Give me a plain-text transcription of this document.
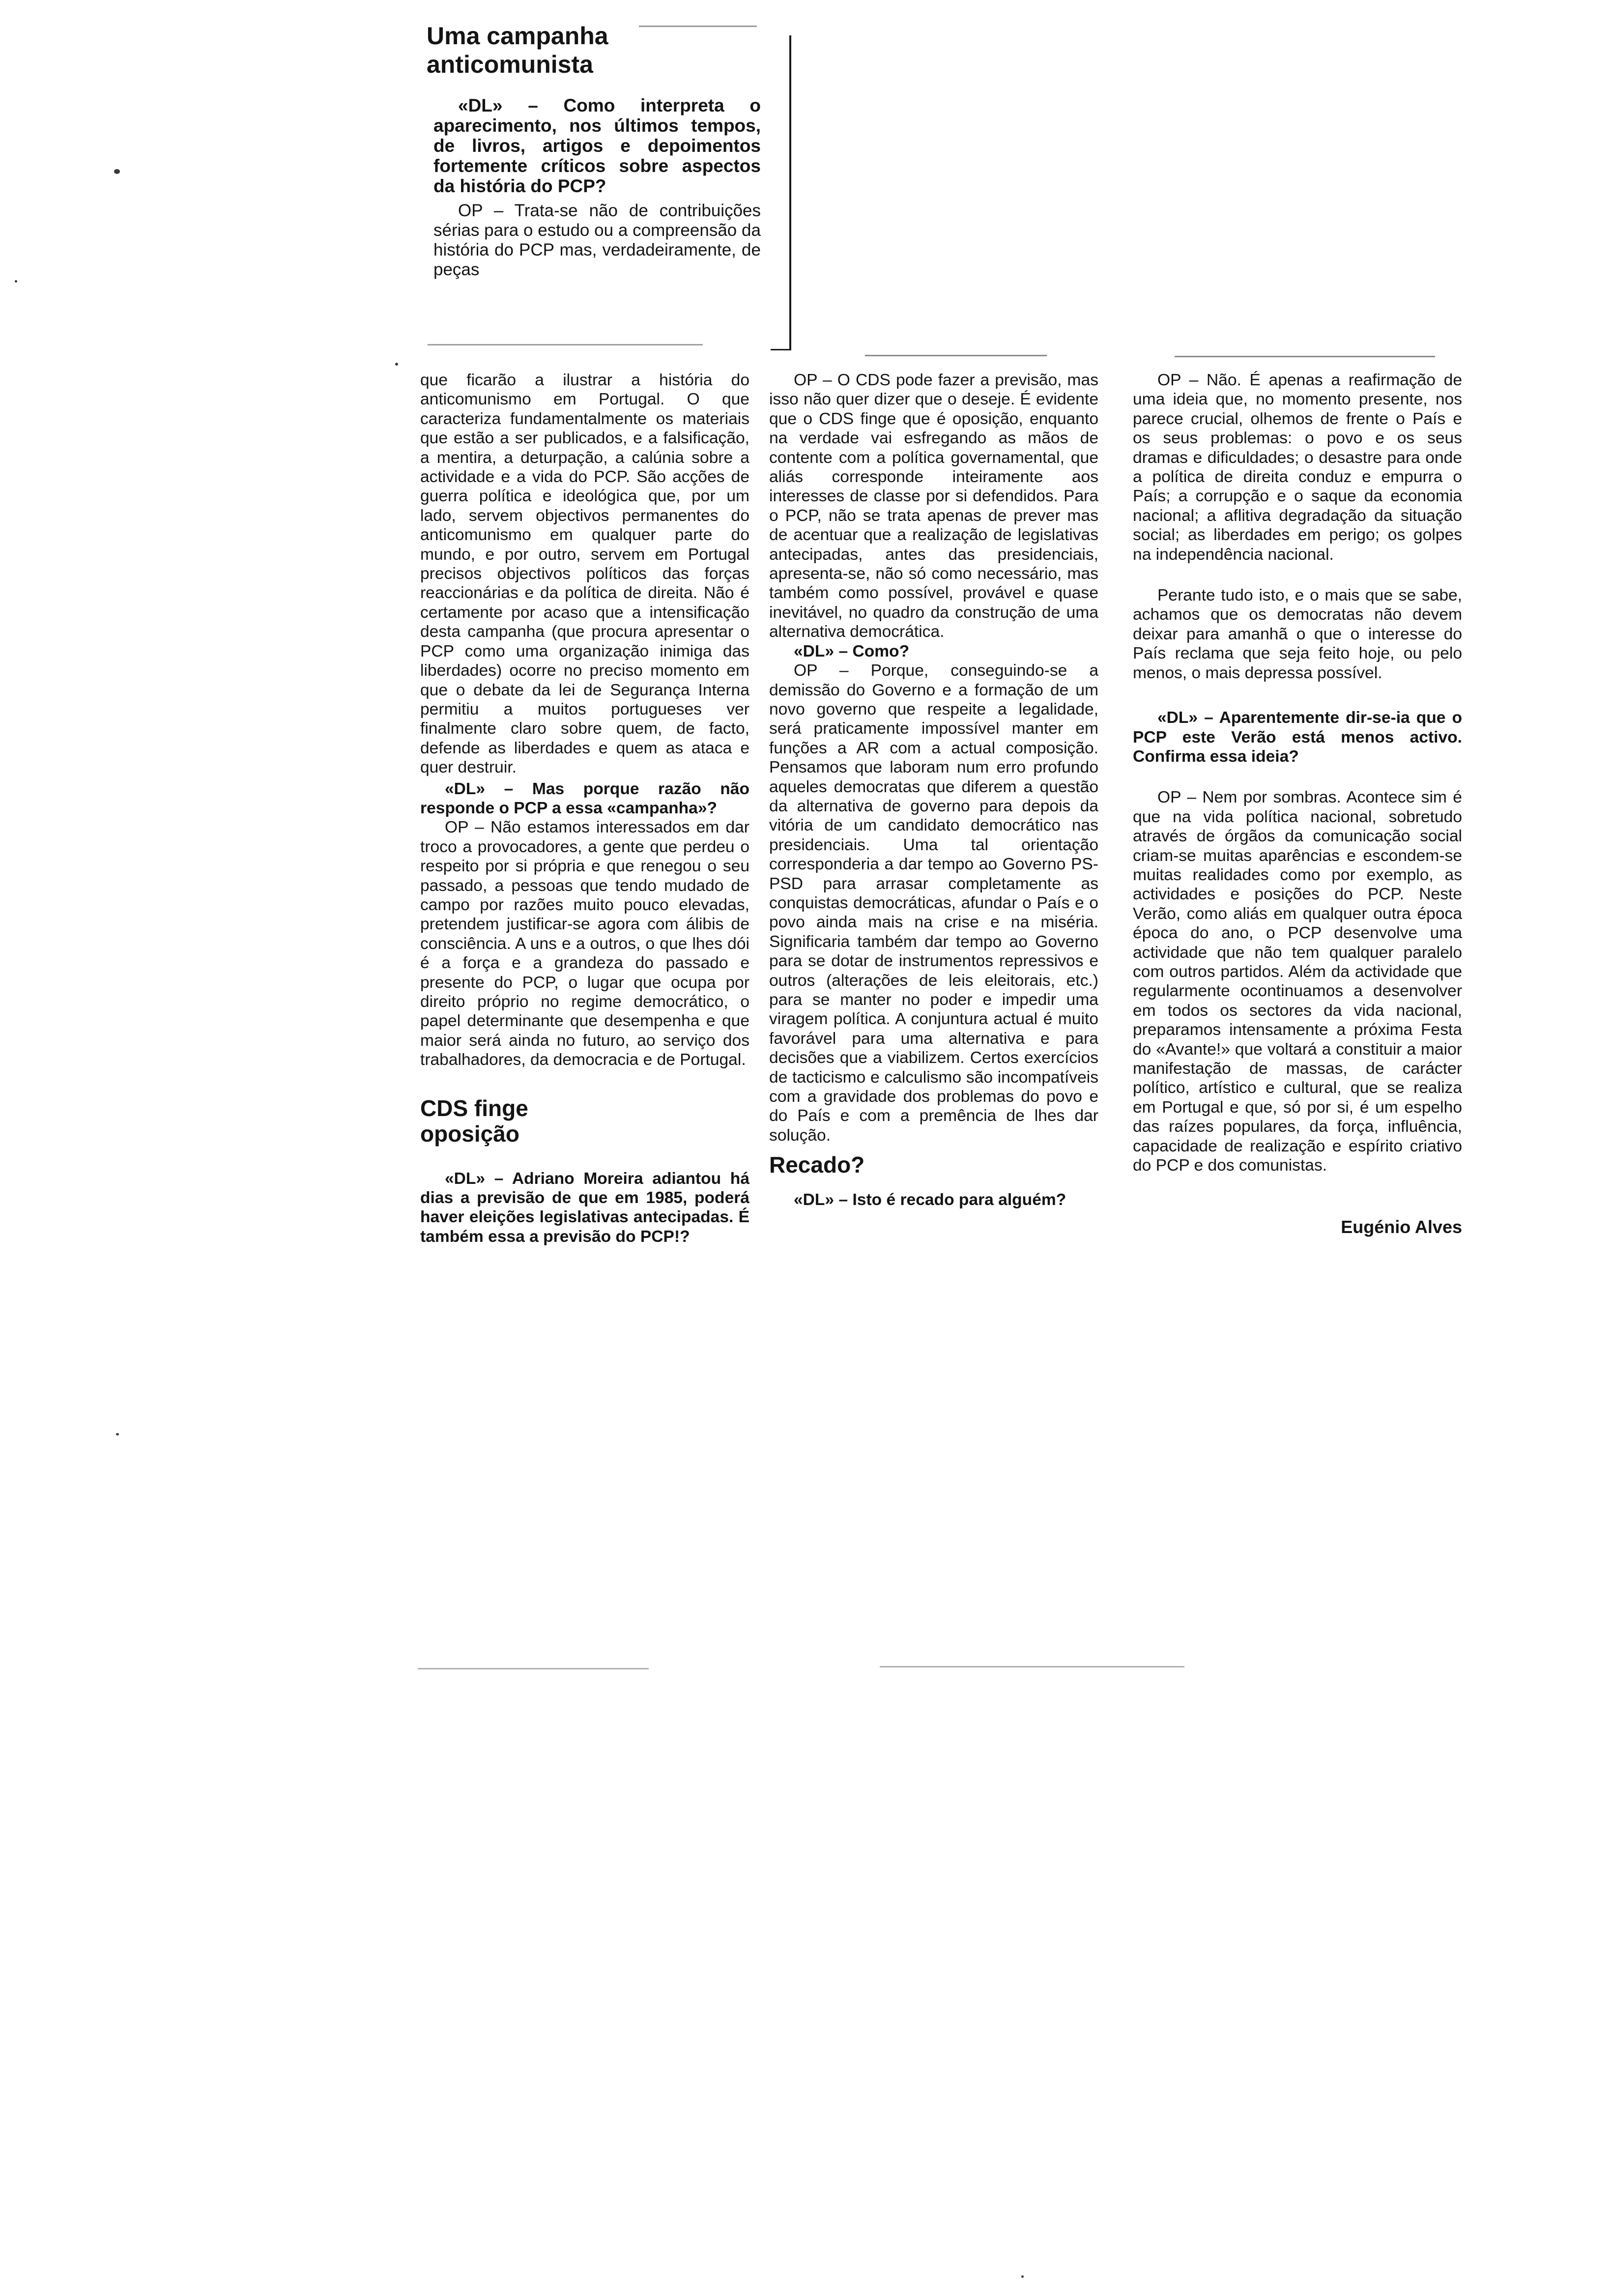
Uma campanha
anticomunista

«DL» – Como interpreta o aparecimento, nos últimos tempos, de livros, artigos e depoimentos fortemente críticos sobre aspectos da história do PCP?

OP – Trata-se não de contribuições sérias para o estudo ou a compreensão da história do PCP mas, verdadeiramente, de peças

que ficarão a ilustrar a história do anticomunismo em Portugal. O que caracteriza fundamentalmente os materiais que estão a ser publicados, e a falsificação, a mentira, a deturpação, a calúnia sobre a actividade e a vida do PCP. São acções de guerra política e ideológica que, por um lado, servem objectivos permanentes do anticomunismo em qualquer parte do mundo, e por outro, servem em Portugal precisos objectivos políticos das forças reaccionárias e da política de direita. Não é certamente por acaso que a intensificação desta campanha (que procura apresentar o PCP como uma organização inimiga das liberdades) ocorre no preciso momento em que o debate da lei de Segurança Interna permitiu a muitos portugueses ver finalmente claro sobre quem, de facto, defende as liberdades e quem as ataca e quer destruir.

«DL» – Mas porque razão não responde o PCP a essa «campanha»?

OP – Não estamos interessados em dar troco a provocadores, a gente que perdeu o respeito por si própria e que renegou o seu passado, a pessoas que tendo mudado de campo por razões muito pouco elevadas, pretendem justificar-se agora com álibis de consciência. A uns e a outros, o que lhes dói é a força e a grandeza do passado e presente do PCP, o lugar que ocupa por direito próprio no regime democrático, o papel determinante que desempenha e que maior será ainda no futuro, ao serviço dos trabalhadores, da democracia e de Portugal.

CDS finge
oposição

«DL» – Adriano Moreira adiantou há dias a previsão de que em 1985, poderá haver eleições legislativas antecipadas. É também essa a previsão do PCP!?

OP – O CDS pode fazer a previsão, mas isso não quer dizer que o deseje. É evidente que o CDS finge que é oposição, enquanto na verdade vai esfregando as mãos de contente com a política governamental, que aliás corresponde inteiramente aos interesses de classe por si defendidos. Para o PCP, não se trata apenas de prever mas de acentuar que a realização de legislativas antecipadas, antes das presidenciais, apresenta-se, não só como necessário, mas também como possível, provável e quase inevitável, no quadro da construção de uma alternativa democrática.

«DL» – Como?

OP – Porque, conseguindo-se a demissão do Governo e a formação de um novo governo que respeite a legalidade, será praticamente impossível manter em funções a AR com a actual composição. Pensamos que laboram num erro profundo aqueles democratas que diferem a questão da alternativa de governo para depois da vitória de um candidato democrático nas presidenciais. Uma tal orientação corresponderia a dar tempo ao Governo PS-PSD para arrasar completamente as conquistas democráticas, afundar o País e o povo ainda mais na crise e na miséria. Significaria também dar tempo ao Governo para se dotar de instrumentos repressivos e outros (alterações de leis eleitorais, etc.) para se manter no poder e impedir uma viragem política. A conjuntura actual é muito favorável para uma alternativa e para decisões que a viabilizem. Certos exercícios de tacticismo e calculismo são incompatíveis com a gravidade dos problemas do povo e do País e com a premência de lhes dar solução.

Recado?

«DL» – Isto é recado para alguém?

OP – Não. É apenas a reafirmação de uma ideia que, no momento presente, nos parece crucial, olhemos de frente o País e os seus problemas: o povo e os seus dramas e dificuldades; o desastre para onde a política de direita conduz e empurra o País; a corrupção e o saque da economia nacional; a aflitiva degradação da situação social; as liberdades em perigo; os golpes na independência nacional.

Perante tudo isto, e o mais que se sabe, achamos que os democratas não devem deixar para amanhã o que o interesse do País reclama que seja feito hoje, ou pelo menos, o mais depressa possível.

«DL» – Aparentemente dir-se-ia que o PCP este Verão está menos activo. Confirma essa ideia?

OP – Nem por sombras. Acontece sim é que na vida política nacional, sobretudo através de órgãos da comunicação social criam-se muitas aparências e escondem-se muitas realidades como por exemplo, as actividades e posições do PCP. Neste Verão, como aliás em qualquer outra época época do ano, o PCP desenvolve uma actividade que não tem qualquer paralelo com outros partidos. Além da actividade que regularmente ocontinuamos a desenvolver em todos os sectores da vida nacional, preparamos intensamente a próxima Festa do «Avante!» que voltará a constituir a maior manifestação de massas, de carácter político, artístico e cultural, que se realiza em Portugal e que, só por si, é um espelho das raízes populares, da força, influência, capacidade de realização e espírito criativo do PCP e dos comunistas.

Eugénio Alves
